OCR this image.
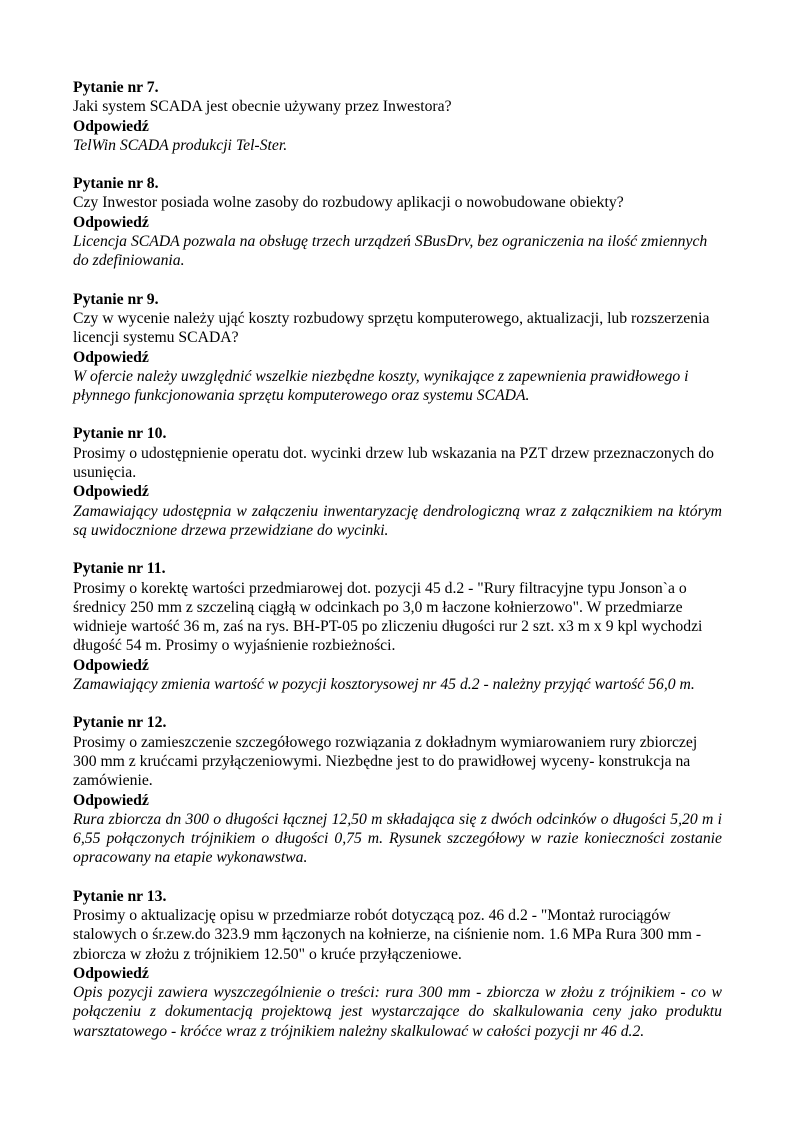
Pytanie nr 7.

Jaki system SCADA jest obecnie używany przez Inwestora?

Odpowiedź

TelWin SCADA produkcji Tel-Ster.

Pytanie nr 8.

Czy Inwestor posiada wolne zasoby do rozbudowy aplikacji o nowobudowane obiekty?

Odpowiedź

Licencja SCADA pozwala na obsługę trzech urządzeń SBusDrv, bez ograniczenia na ilość zmiennych do zdefiniowania.

Pytanie nr 9.

Czy w wycenie należy ująć koszty rozbudowy sprzętu komputerowego, aktualizacji, lub rozszerzenia licencji systemu SCADA?

Odpowiedź

W ofercie należy uwzględnić wszelkie niezbędne koszty, wynikające z zapewnienia prawidłowego i płynnego funkcjonowania sprzętu komputerowego oraz systemu SCADA.

Pytanie nr 10.

Prosimy o udostępnienie operatu dot. wycinki drzew lub wskazania na PZT drzew przeznaczonych do usunięcia.

Odpowiedź

Zamawiający udostępnia w załączeniu inwentaryzację dendrologiczną wraz z załącznikiem na którym są uwidocznione drzewa przewidziane do wycinki.

Pytanie nr 11.

Prosimy o korektę wartości przedmiarowej dot. pozycji 45 d.2 - "Rury filtracyjne typu Jonson`a o średnicy 250 mm z szczeliną ciągłą w odcinkach po 3,0 m łaczone kołnierzowo". W przedmiarze widnieje wartość 36 m, zaś na rys. BH-PT-05 po zliczeniu długości rur 2 szt. x3 m x 9 kpl wychodzi długość 54 m. Prosimy o wyjaśnienie rozbieżności.

Odpowiedź

Zamawiający zmienia wartość w pozycji kosztorysowej nr 45 d.2 - należny przyjąć wartość 56,0 m.

Pytanie nr 12.

Prosimy o zamieszczenie szczegółowego rozwiązania z dokładnym wymiarowaniem rury zbiorczej 300 mm z krućcami przyłączeniowymi. Niezbędne jest to do prawidłowej wyceny- konstrukcja na zamówienie.

Odpowiedź

Rura zbiorcza dn 300 o długości łącznej 12,50 m składająca się z dwóch odcinków o długości 5,20 m i 6,55 połączonych trójnikiem o długości 0,75 m. Rysunek szczegółowy w razie konieczności zostanie opracowany na etapie wykonawstwa.

Pytanie nr 13.

Prosimy o aktualizację opisu w przedmiarze robót dotyczącą poz. 46 d.2 - "Montaż rurociągów stalowych o śr.zew.do 323.9 mm łączonych na kołnierze, na ciśnienie nom. 1.6 MPa Rura 300 mm - zbiorcza w złożu z trójnikiem 12.50" o kruće przyłączeniowe.

Odpowiedź

Opis pozycji zawiera wyszczególnienie o treści: rura 300 mm - zbiorcza w złożu z trójnikiem - co w połączeniu z dokumentacją projektową jest wystarczające do skalkulowania ceny jako produktu warsztatowego - króćce wraz z trójnikiem należny skalkulować w całości pozycji nr 46 d.2.
